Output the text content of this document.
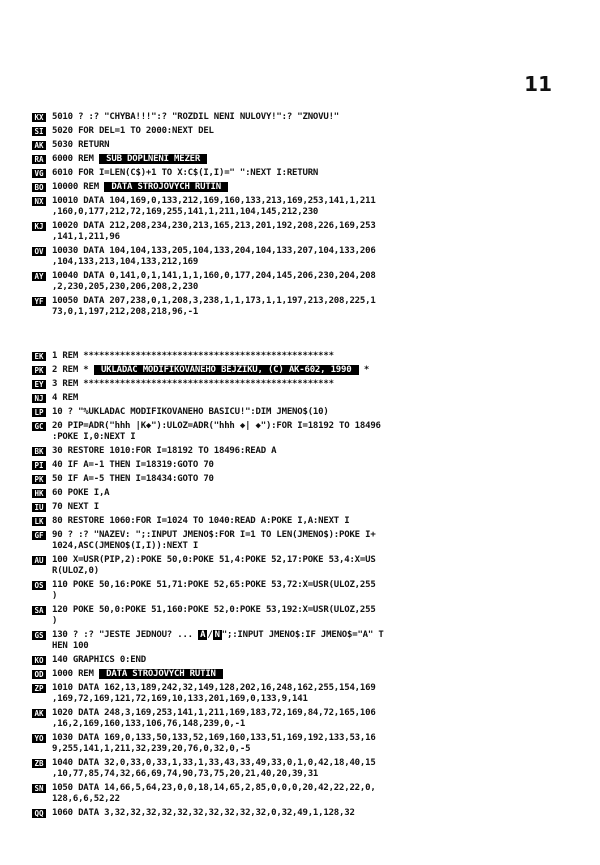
11
KX 5010 ? :? "CHYBA!!!":? "ROZDIL NENI NULOVY!":? "ZNOVU!"
SI 5020 FOR DEL=1 TO 2000:NEXT DEL
AK 5030 RETURN
RA 6000 REM  SUB DOPLNENI MEZER
VG 6010 FOR I=LEN(C$)+1 TO X:C$(I,I)=" ":NEXT I:RETURN
BO 10000 REM  DATA STROJOVYCH RUTIN
NX 10010 DATA 104,169,0,133,212,169,160,133,213,169,253,141,1,211
,160,0,177,212,72,169,255,141,1,211,104,145,212,230
KJ 10020 DATA 212,208,234,230,213,165,213,201,192,208,226,169,253
,141,1,211,96
OV 10030 DATA 104,104,133,205,104,133,204,104,133,207,104,133,206
,104,133,213,104,133,212,169
AY 10040 DATA 0,141,0,1,141,1,1,160,0,177,204,145,206,230,204,208
,2,230,205,230,206,208,2,230
YF 10050 DATA 207,238,0,1,208,3,238,1,1,173,1,1,197,213,208,225,1
73,0,1,197,212,208,218,96,-1
EK 1 REM ************************************************
PK 2 REM *  UKLADAC MODIFIKOVANEHO BEJZIKU, (C) AK-602, 1990  *
EY 3 REM ************************************************
NJ 4 REM
LP 10 ? "%UKLADAC MODIFIKOVANEHO BASICU!":DIM JMENO$(10)
GC 20 PIP=ADR("hhh |K◆"):ULOZ=ADR("hhh ◆| ◆"):FOR I=18192 TO 18496
:POKE I,0:NEXT I
BK 30 RESTORE 1010:FOR I=18192 TO 18496:READ A
PI 40 IF A=-1 THEN I=18319:GOTO 70
PK 50 IF A=-5 THEN I=18434:GOTO 70
HK 60 POKE I,A
IU 70 NEXT I
LK 80 RESTORE 1060:FOR I=1024 TO 1040:READ A:POKE I,A:NEXT I
GF 90 ? :? "NAZEV: ";:INPUT JMENO$:FOR I=1 TO LEN(JMENO$):POKE I+
1024,ASC(JMENO$(I,I)):NEXT I
AU 100 X=USR(PIP,2):POKE 50,0:POKE 51,4:POKE 52,17:POKE 53,4:X=US
R(ULOZ,0)
OS 110 POKE 50,16:POKE 51,71:POKE 52,65:POKE 53,72:X=USR(ULOZ,255
)
SA 120 POKE 50,0:POKE 51,160:POKE 52,0:POKE 53,192:X=USR(ULOZ,255
)
GS 130 ? :? "JESTE JEDNOU? ... A / N ";:INPUT JMENO$:IF JMENO$="A" T
HEN 100
KO 140 GRAPHICS 0:END
OD 1000 REM  DATA STROJOVYCH RUTIN
ZP 1010 DATA 162,13,189,242,32,149,128,202,16,248,162,255,154,169
,169,72,169,121,72,169,10,133,201,169,0,133,9,141
AK 1020 DATA 248,3,169,253,141,1,211,169,183,72,169,84,72,165,106
,16,2,169,160,133,106,76,148,239,0,-1
YO 1030 DATA 169,0,133,50,133,52,169,160,133,51,169,192,133,53,16
9,255,141,1,211,32,239,20,76,0,32,0,-5
ZB 1040 DATA 32,0,33,0,33,1,33,1,33,43,33,49,33,0,1,0,42,18,40,15
,10,77,85,74,32,66,69,74,90,73,75,20,21,40,20,39,31
SN 1050 DATA 14,66,5,64,23,0,0,18,14,65,2,85,0,0,0,20,42,22,22,0,
128,6,6,52,22
QQ 1060 DATA 3,32,32,32,32,32,32,32,32,32,32,0,32,49,1,128,32
